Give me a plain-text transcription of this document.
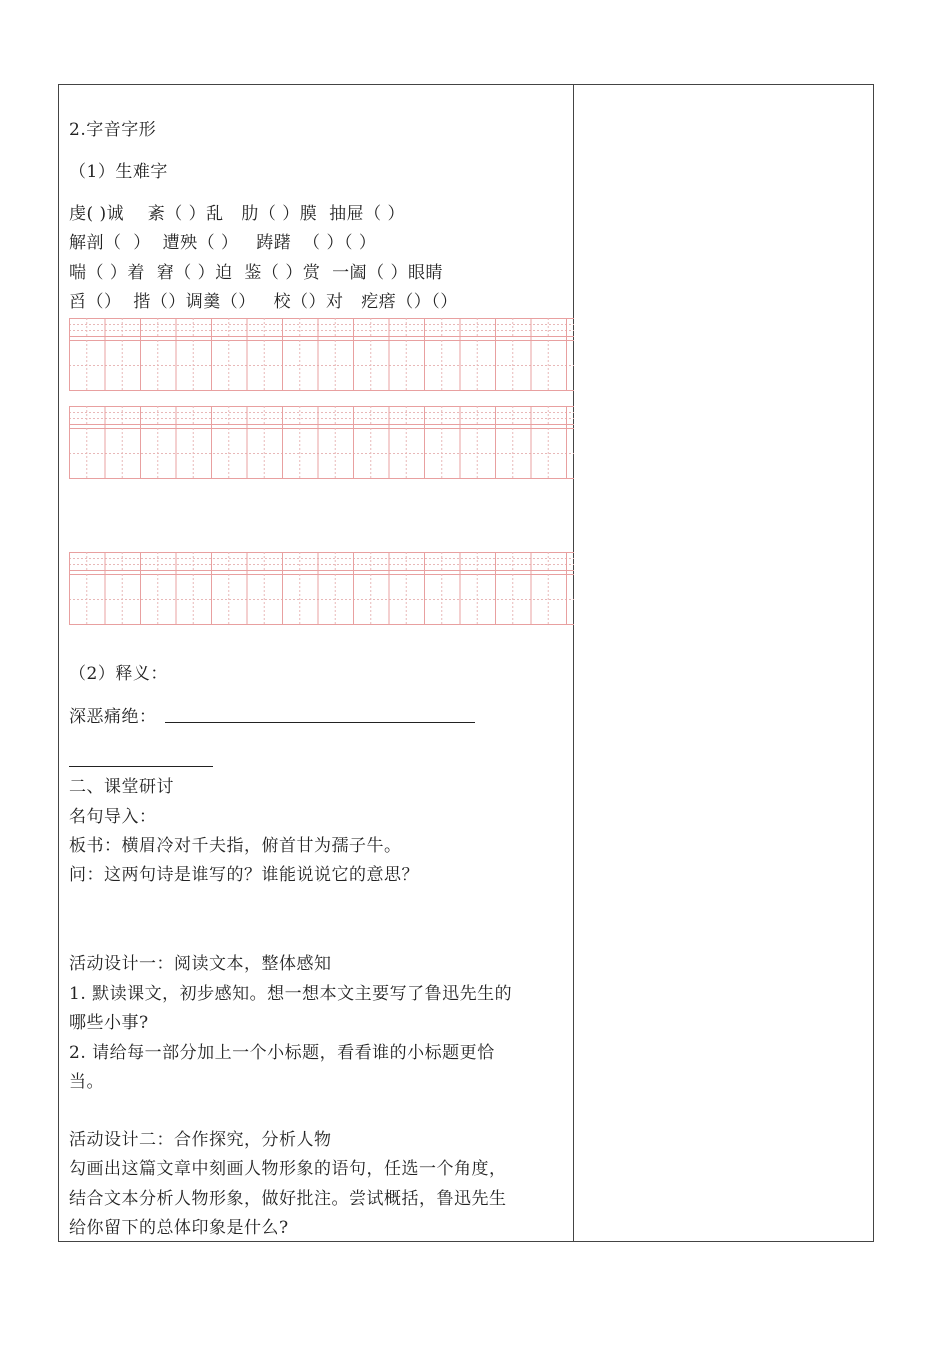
2.字音字形
（1）生难字
虔( )诚    紊（ ）乱   肋（ ）膜  抽屉（ ）
解剖（  ）  遭殃（ ）   踌躇  （ ）（ ）
喘（ ）着  窘（ ）迫  鉴（ ）赏  一阖（ ）眼睛
舀（）  揩（）调羹（）   校（）对   疙瘩（）（）
（2）释义：
深恶痛绝：
二、课堂研讨
名句导入：
板书：横眉冷对千夫指，俯首甘为孺子牛。
问：这两句诗是谁写的？谁能说说它的意思？
活动设计一：阅读文本，整体感知
1. 默读课文，初步感知。想一想本文主要写了鲁迅先生的
哪些小事?
2. 请给每一部分加上一个小标题，看看谁的小标题更恰
当。
活动设计二：合作探究，分析人物
勾画出这篇文章中刻画人物形象的语句，任选一个角度，
结合文本分析人物形象，做好批注。尝试概括，鲁迅先生
给你留下的总体印象是什么?
